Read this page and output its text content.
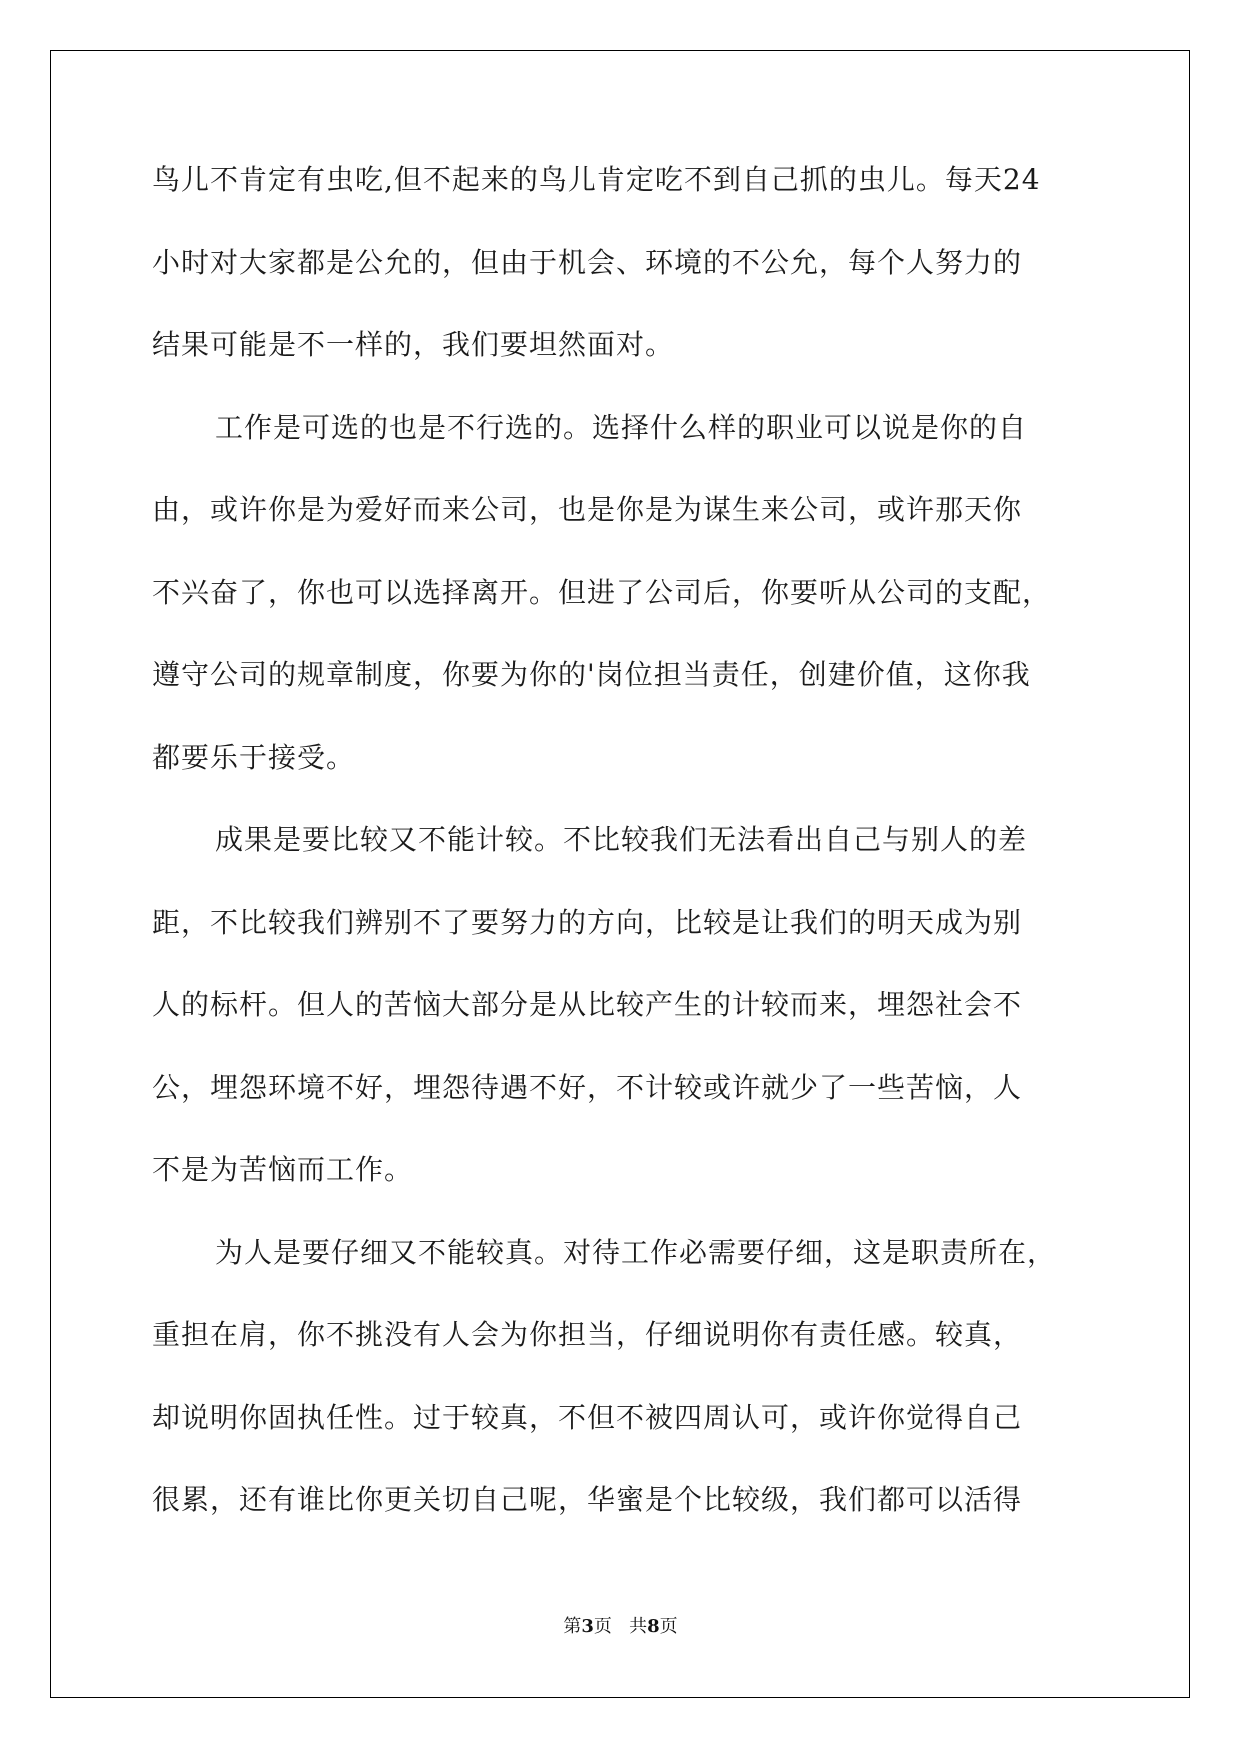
鸟儿不肯定有虫吃,但不起来的鸟儿肯定吃不到自己抓的虫儿。每天24
小时对大家都是公允的，但由于机会、环境的不公允，每个人努力的
结果可能是不一样的，我们要坦然面对。
工作是可选的也是不行选的。选择什么样的职业可以说是你的自
由，或许你是为爱好而来公司，也是你是为谋生来公司，或许那天你
不兴奋了，你也可以选择离开。但进了公司后，你要听从公司的支配，
遵守公司的规章制度，你要为你的'岗位担当责任，创建价值，这你我
都要乐于接受。
成果是要比较又不能计较。不比较我们无法看出自己与别人的差
距，不比较我们辨别不了要努力的方向，比较是让我们的明天成为别
人的标杆。但人的苦恼大部分是从比较产生的计较而来，埋怨社会不
公，埋怨环境不好，埋怨待遇不好，不计较或许就少了一些苦恼，人
不是为苦恼而工作。
为人是要仔细又不能较真。对待工作必需要仔细，这是职责所在，
重担在肩，你不挑没有人会为你担当，仔细说明你有责任感。较真，
却说明你固执任性。过于较真，不但不被四周认可，或许你觉得自己
很累，还有谁比你更关切自己呢，华蜜是个比较级，我们都可以活得
第3页 共8页
